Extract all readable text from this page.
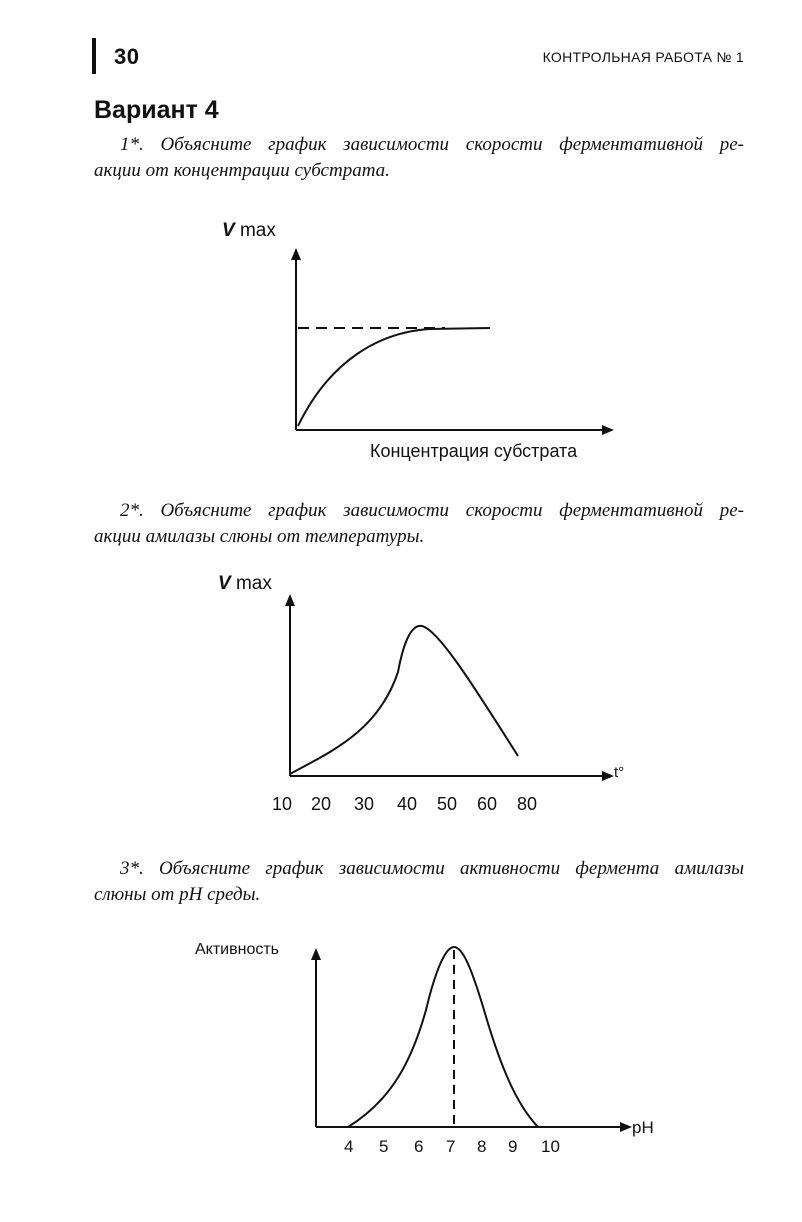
30	КОНТРОЛЬНАЯ РАБОТА № 1
Вариант 4

1*. Объясните график зависимости скорости ферментативной ре-
акции от концентрации субстрата.

V max
Концентрация субстрата

2*. Объясните график зависимости скорости ферментативной ре-
акции амилазы слюны от температуры.

V max
t°
10 20 30 40 50 60 80

3*. Объясните график зависимости активности фермента амилазы
слюны от pH среды.

Активность
pH
4 5 6 7 8 9 10
